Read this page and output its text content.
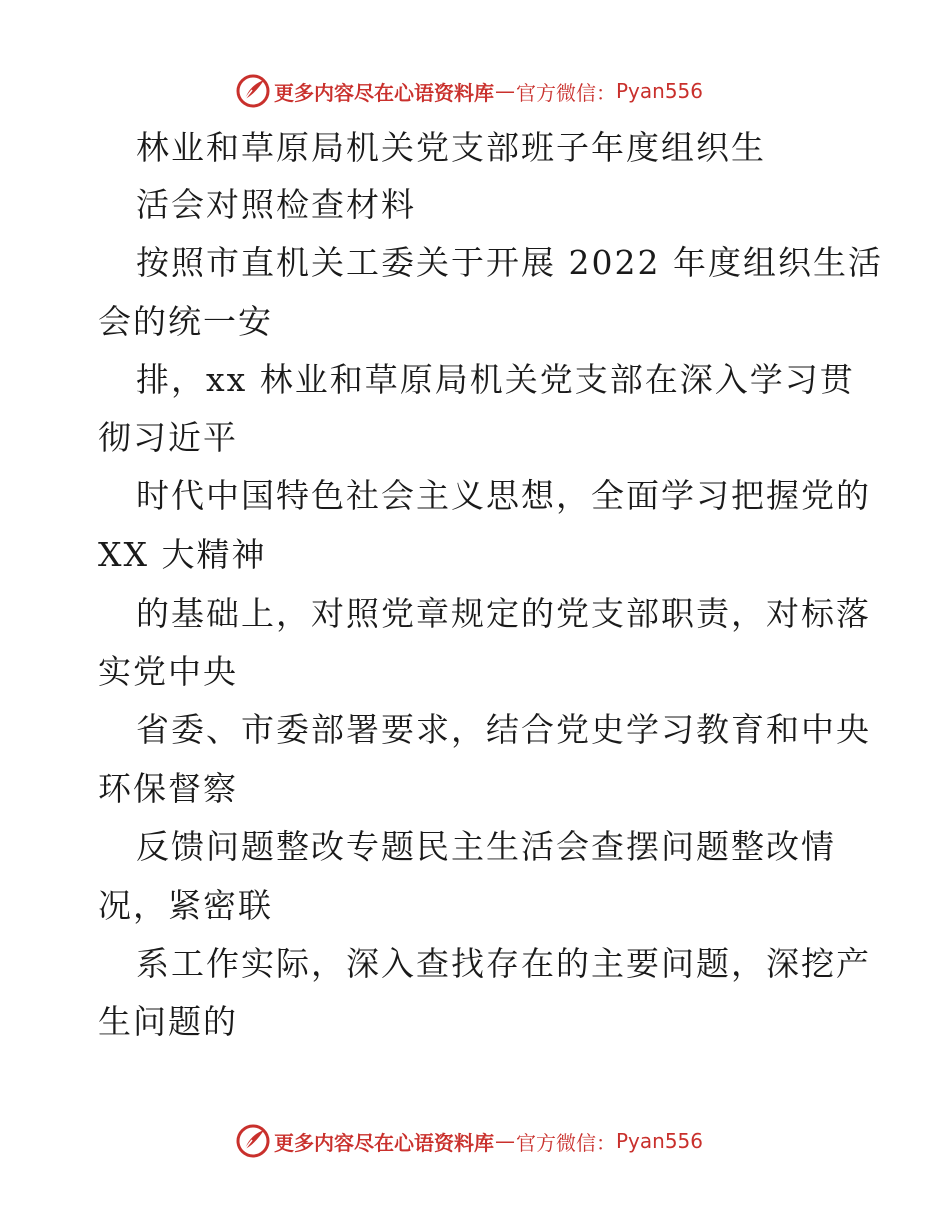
更多内容尽在心语资料库 — 官方微信： Pyan556
林业和草原局机关党支部班子年度组织生
活会对照检查材料
按照市直机关工委关于开展 2022 年度组织生活
会的统一安
排，xx 林业和草原局机关党支部在深入学习贯
彻习近平
时代中国特色社会主义思想，全面学习把握党的
XX 大精神
的基础上，对照党章规定的党支部职责，对标落
实党中央
省委、市委部署要求，结合党史学习教育和中央
环保督察
反馈问题整改专题民主生活会查摆问题整改情
况，紧密联
系工作实际，深入查找存在的主要问题，深挖产
生问题的
更多内容尽在心语资料库 — 官方微信： Pyan556
